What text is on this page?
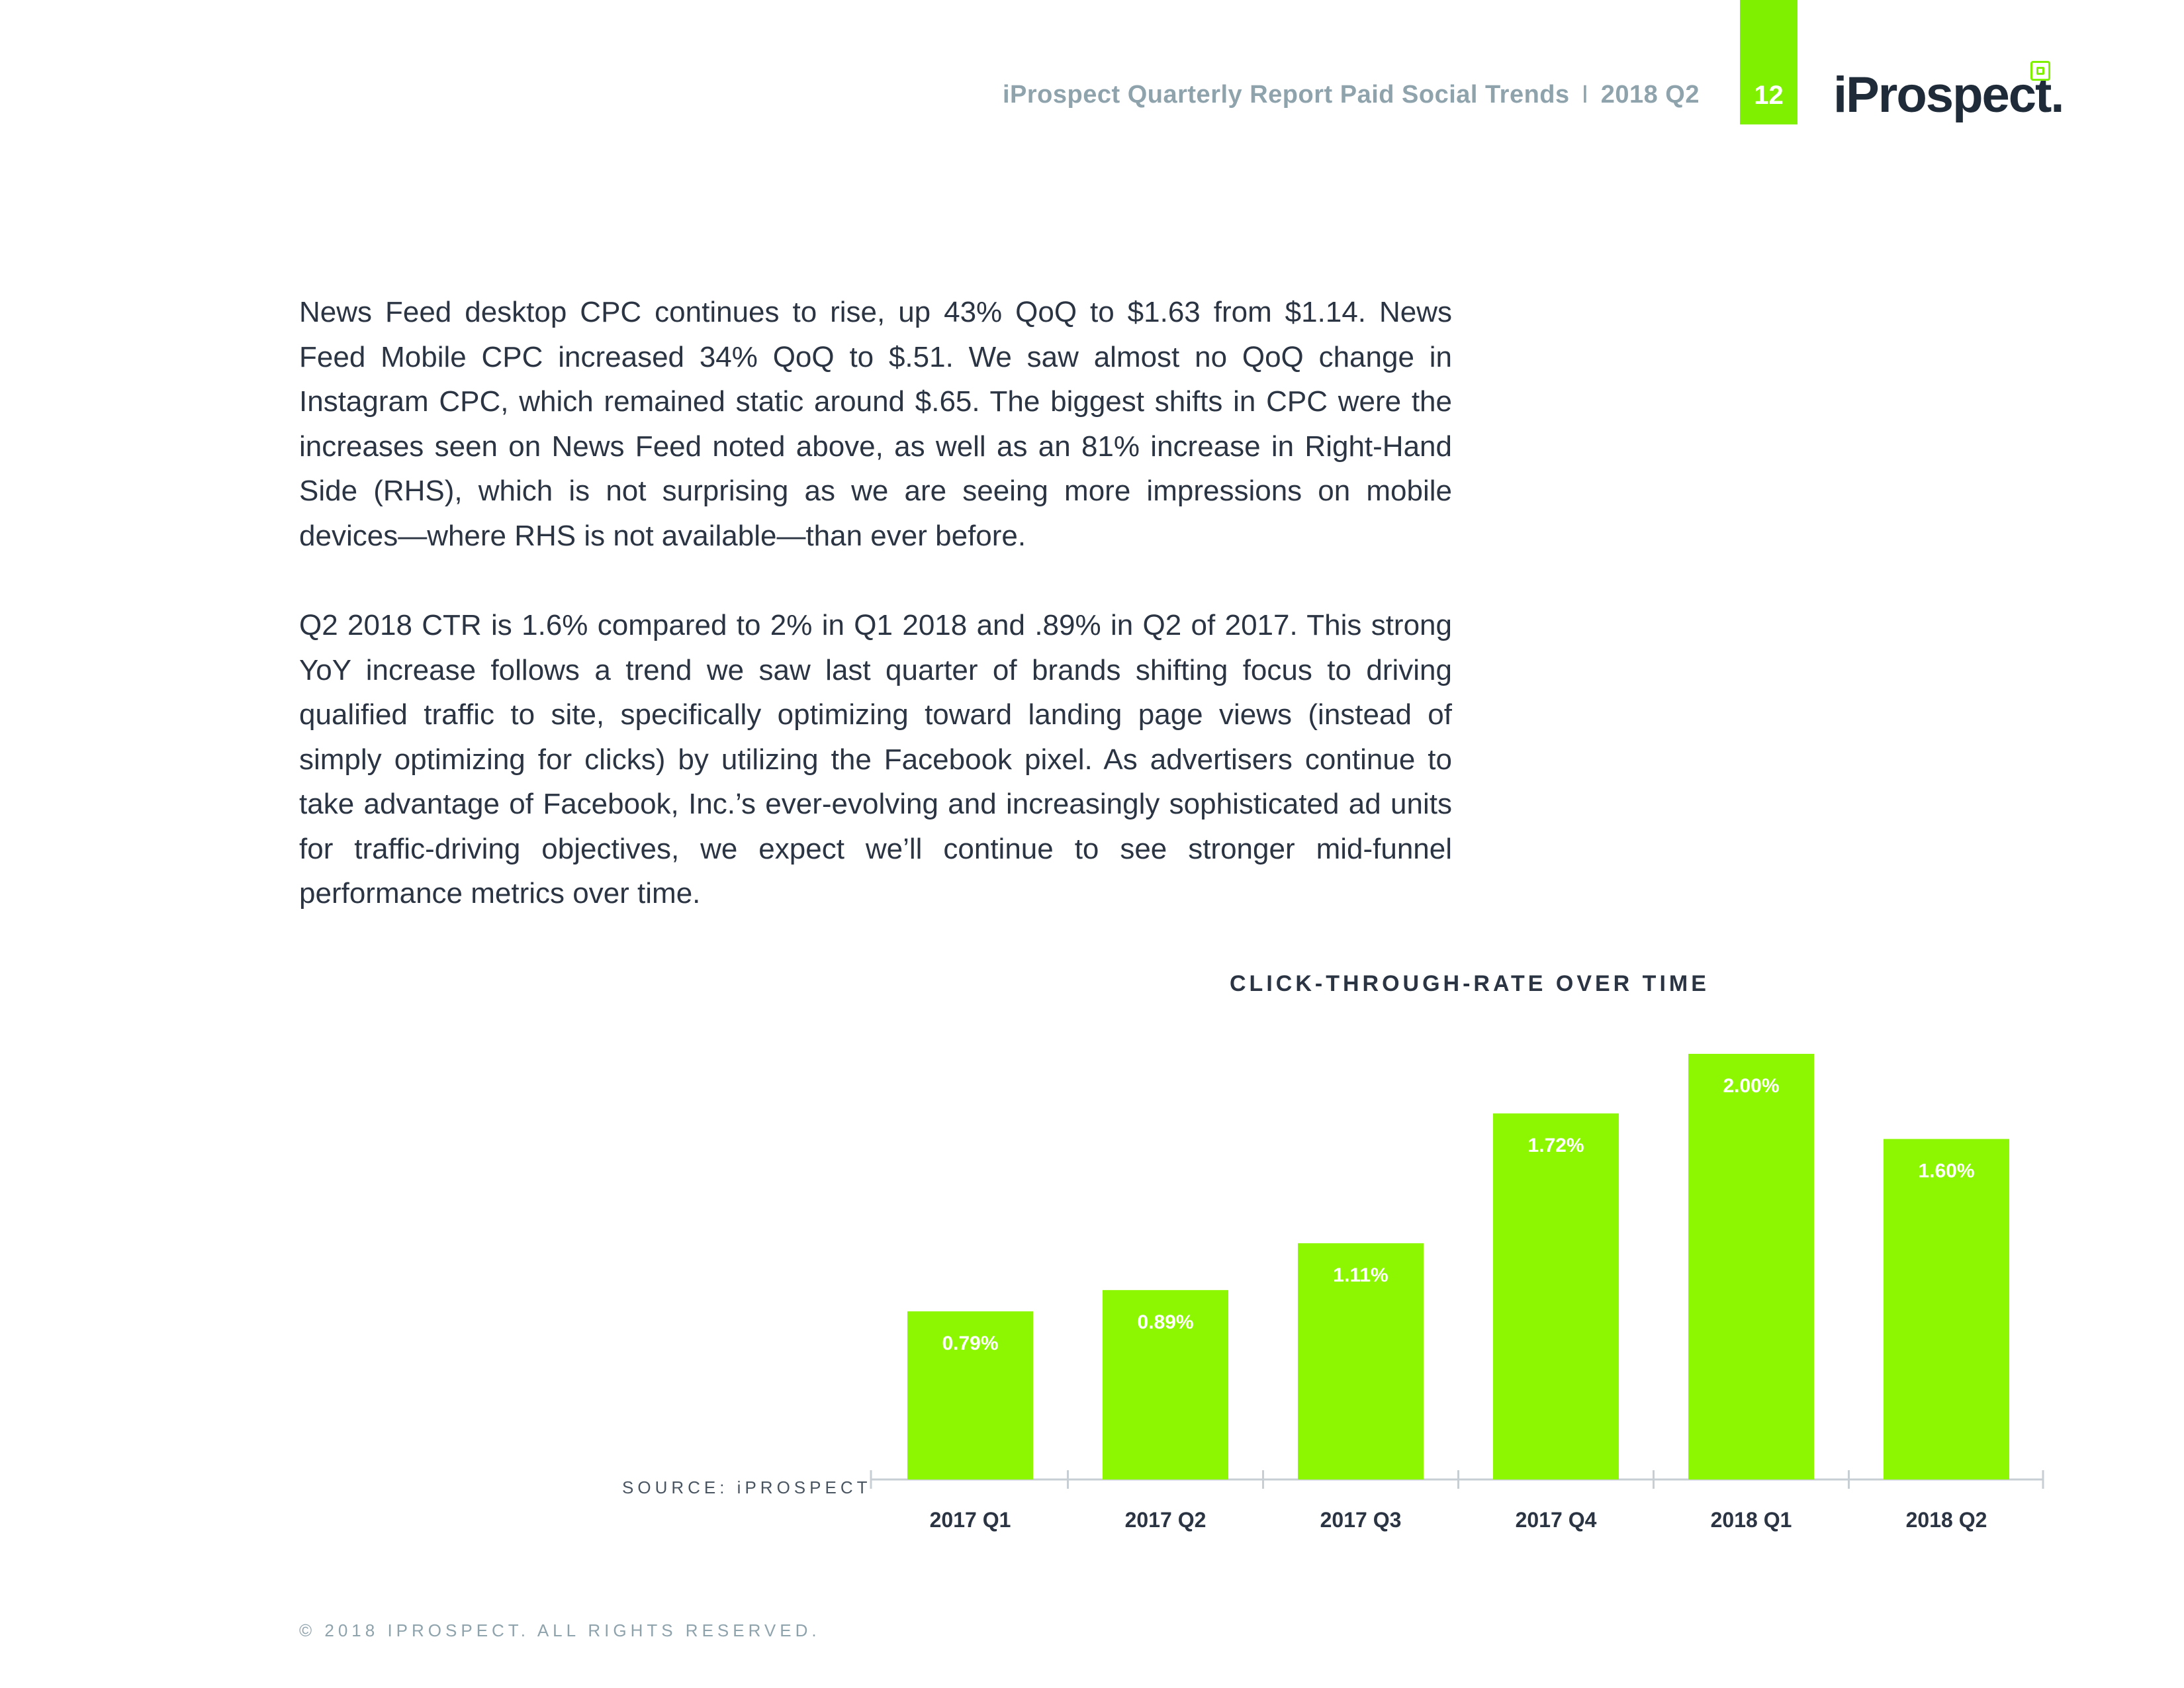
iProspect Quarterly Report Paid Social Trends I 2018 Q2 12 iProspect.

News Feed desktop CPC continues to rise, up 43% QoQ to $1.63 from $1.14. News Feed Mobile CPC increased 34% QoQ to $.51. We saw almost no QoQ change in Instagram CPC, which remained static around $.65. The biggest shifts in CPC were the increases seen on News Feed noted above, as well as an 81% increase in Right-Hand Side (RHS), which is not surprising as we are seeing more impressions on mobile devices—where RHS is not available—than ever before.

Q2 2018 CTR is 1.6% compared to 2% in Q1 2018 and .89% in Q2 of 2017. This strong YoY increase follows a trend we saw last quarter of brands shifting focus to driving qualified traffic to site, specifically optimizing toward landing page views (instead of simply optimizing for clicks) by utilizing the Facebook pixel. As advertisers continue to take advantage of Facebook, Inc.’s ever-evolving and increasingly sophisticated ad units for traffic-driving objectives, we expect we’ll continue to see stronger mid-funnel performance metrics over time.

CLICK-THROUGH-RATE OVER TIME
0.79%
2017 Q1
0.89%
2017 Q2
1.11%
2017 Q3
1.72%
2017 Q4
2.00%
2018 Q1
1.60%
2018 Q2
SOURCE: iPROSPECT
© 2018 IPROSPECT. ALL RIGHTS RESERVED.
